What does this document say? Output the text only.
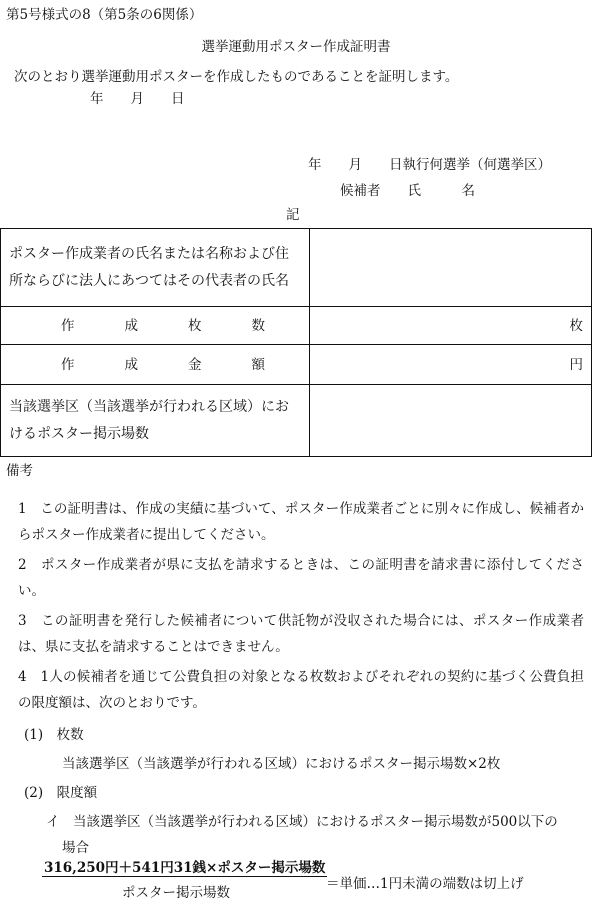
第5号様式の8（第5条の6関係）
選挙運動用ポスター作成証明書
次のとおり選挙運動用ポスターを作成したものであることを証明します。
年　　月　　日
年　　月　　日執行何選挙（何選挙区）
候補者　　氏　　　名
記
ポスター作成業者の氏名または名称および住所ならびに法人にあつてはその代表者の氏名	

作 成 枚 数	枚

作 成 金 額	円

当該選挙区（当該選挙が行われる区域）におけるポスター掲示場数	

備考
1　この証明書は、作成の実績に基づいて、ポスター作成業者ごとに別々に作成し、候補者からポスター作成業者に提出してください。
2　ポスター作成業者が県に支払を請求するときは、この証明書を請求書に添付してください。
3　この証明書を発行した候補者について供託物が没収された場合には、ポスター作成業者は、県に支払を請求することはできません。
4　1人の候補者を通じて公費負担の対象となる枚数およびそれぞれの契約に基づく公費負担の限度額は、次のとおりです。
(1)　枚数
当該選挙区（当該選挙が行われる区域）におけるポスター掲示場数×2枚
(2)　限度額
イ　当該選挙区（当該選挙が行われる区域）におけるポスター掲示場数が500以下の
場合
316,250円＋541円31銭×ポスター掲示場数
ポスター掲示場数
＝単価…1円未満の端数は切上げ
